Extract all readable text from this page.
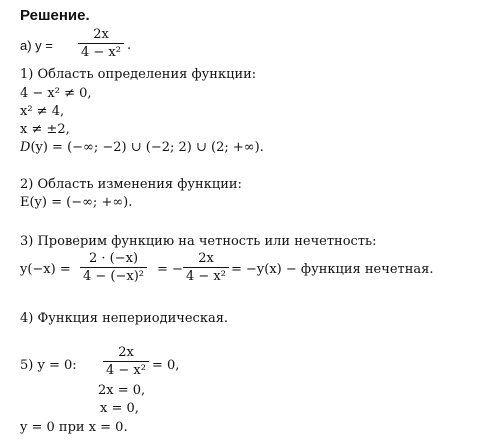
Решение.
а) y =
2x
4 − x² .
1) Область определения функции:
4 − x² ≠ 0,
x² ≠ 4,
x ≠ ±2,
D(y) = (−∞; −2) ∪ (−2; 2) ∪ (2; +∞).
2) Область изменения функции:
E(y) = (−∞; +∞).
3) Проверим функцию на четность или нечетность:
y(−x) =
2 · (−x)
4 − (−x)² = −
2x
4 − x² = −y(x) − функция нечетная.
4) Функция непериодическая.
5) y = 0:
2x
4 − x² = 0,
2x = 0,
x = 0,
y = 0 при x = 0.
